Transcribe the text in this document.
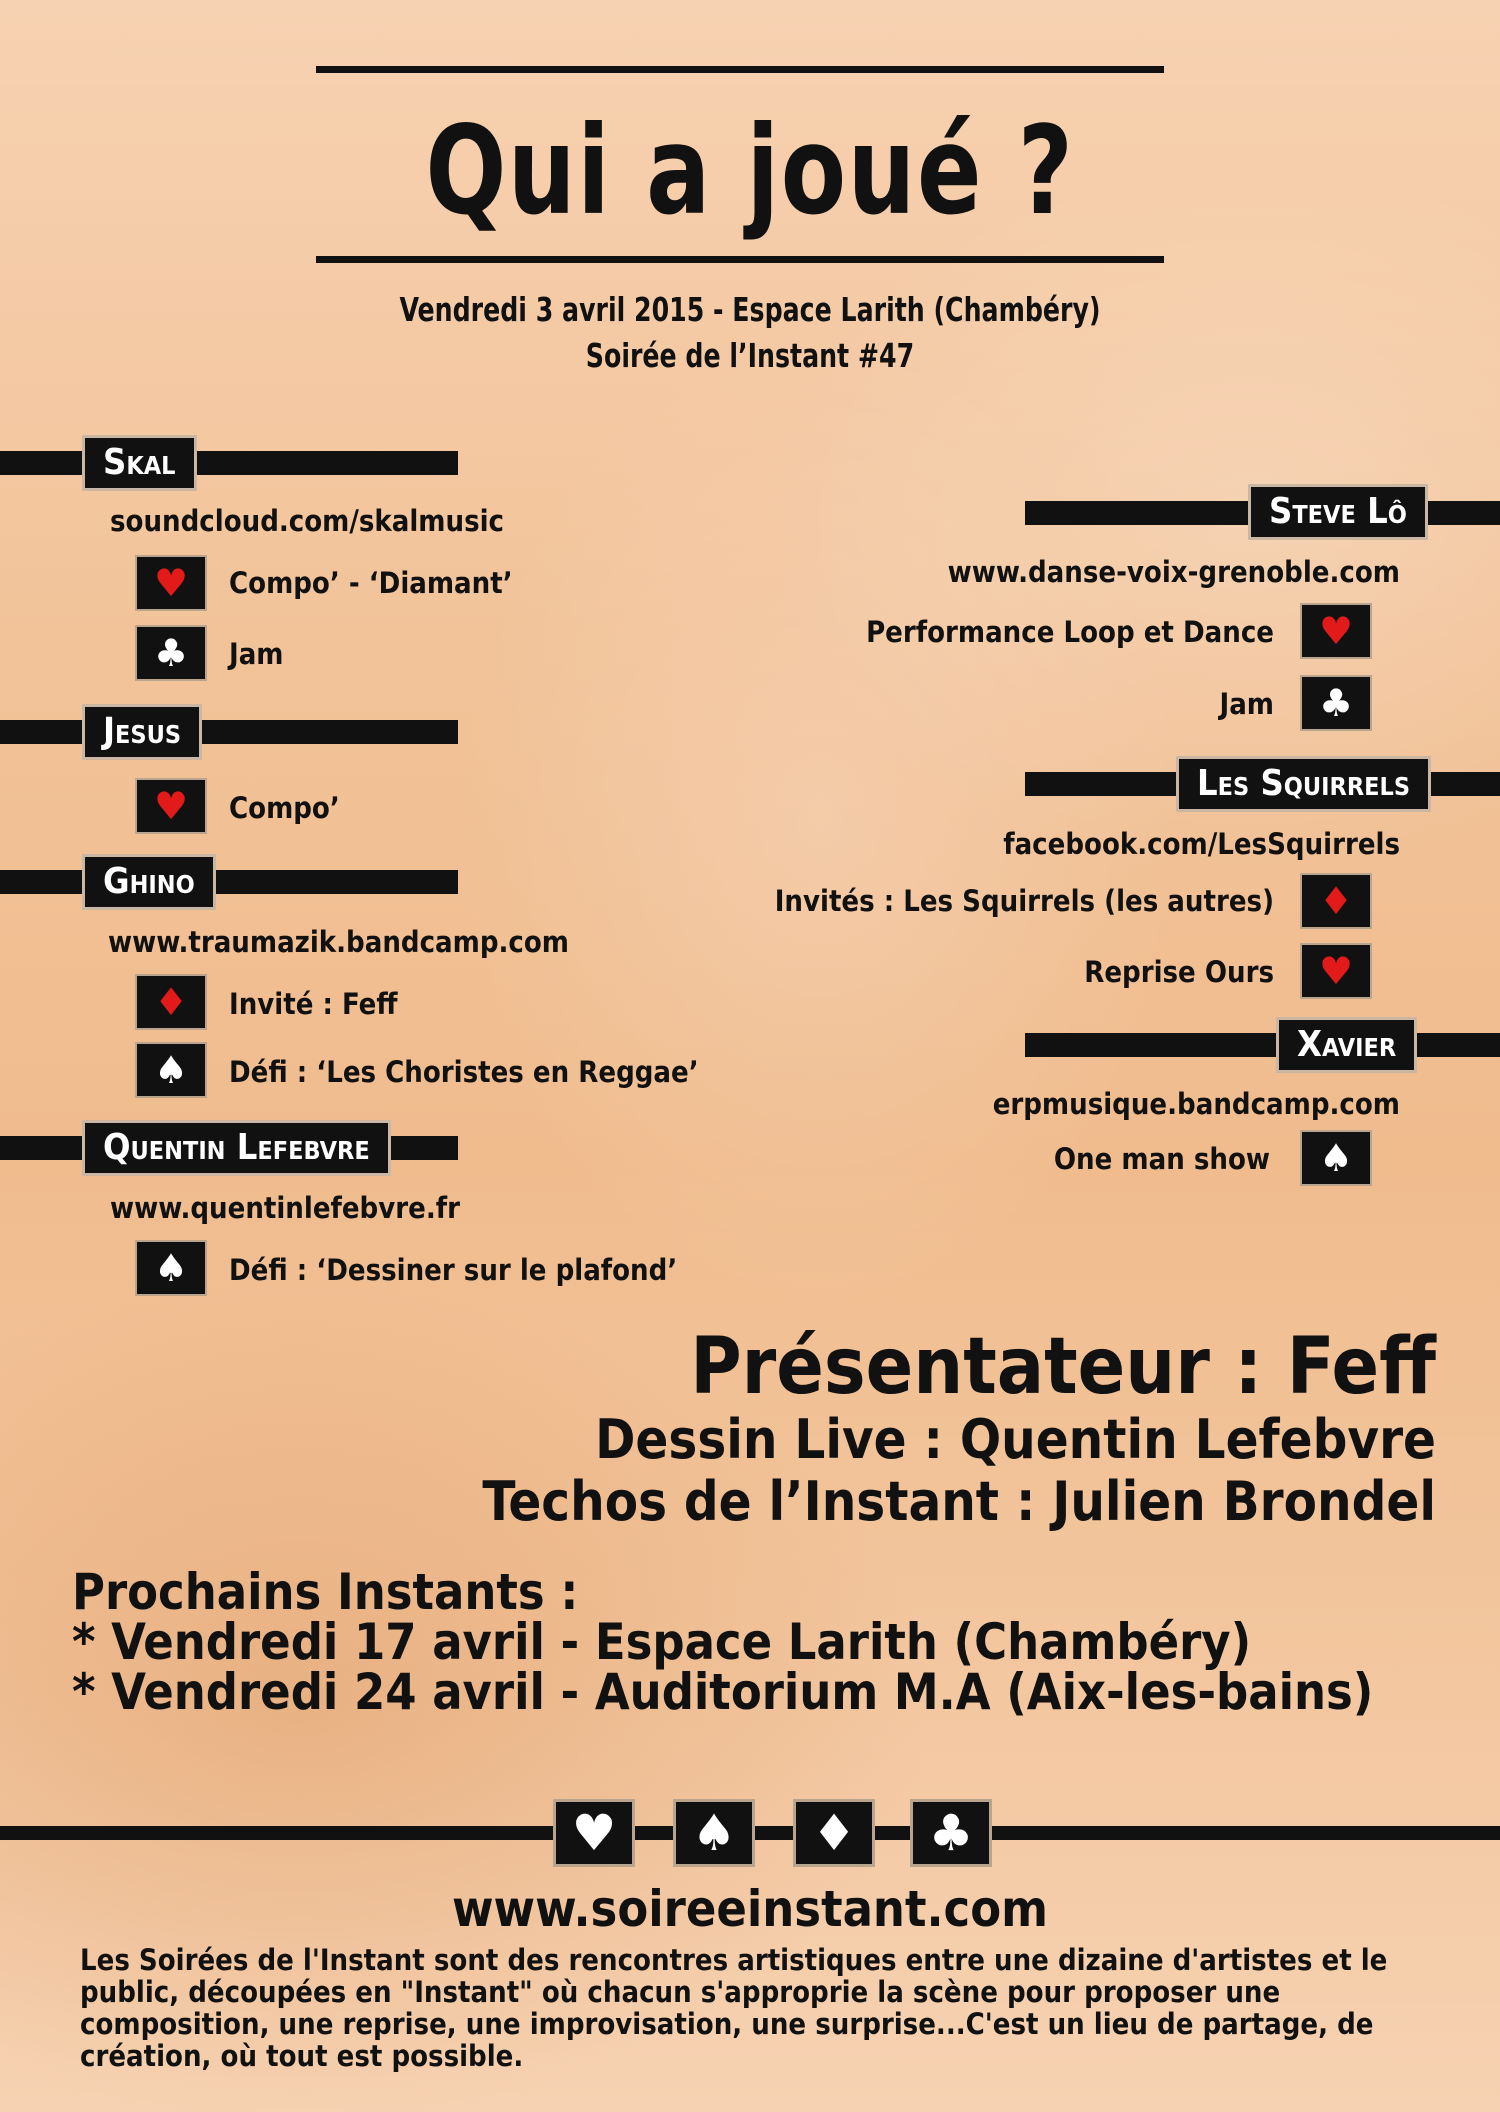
Qui a joué ?
Vendredi 3 avril 2015 - Espace Larith (Chambéry)
Soirée de l’Instant #47
Skal
soundcloud.com/skalmusic
♥	Compo’ - ‘Diamant’
♣	Jam
Jesus
♥	Compo’
Ghino
www.traumazik.bandcamp.com
♦	Invité : Feff
♠	Défi : ‘Les Choristes en Reggae’
Quentin Lefebvre
www.quentinlefebvre.fr
♠	Défi : ‘Dessiner sur le plafond’
Steve Lô
www.danse-voix-grenoble.com
Performance Loop et Dance	♥
Jam	♣
Les Squirrels
facebook.com/LesSquirrels
Invités : Les Squirrels (les autres)	♦
Reprise Ours	♥
Xavier
erpmusique.bandcamp.com
One man show	♠
Présentateur : Feff
Dessin Live : Quentin Lefebvre
Techos de l’Instant : Julien Brondel
Prochains Instants :
* Vendredi 17 avril - Espace Larith (Chambéry)
* Vendredi 24 avril - Auditorium M.A (Aix-les-bains)
♥	♠	♦	♣
www.soireeinstant.com
Les Soirées de l'Instant sont des rencontres artistiques entre une dizaine d'artistes et le public, découpées en "Instant" où chacun s'approprie la scène pour proposer une composition, une reprise, une improvisation, une surprise...C'est un lieu de partage, de création, où tout est possible.
